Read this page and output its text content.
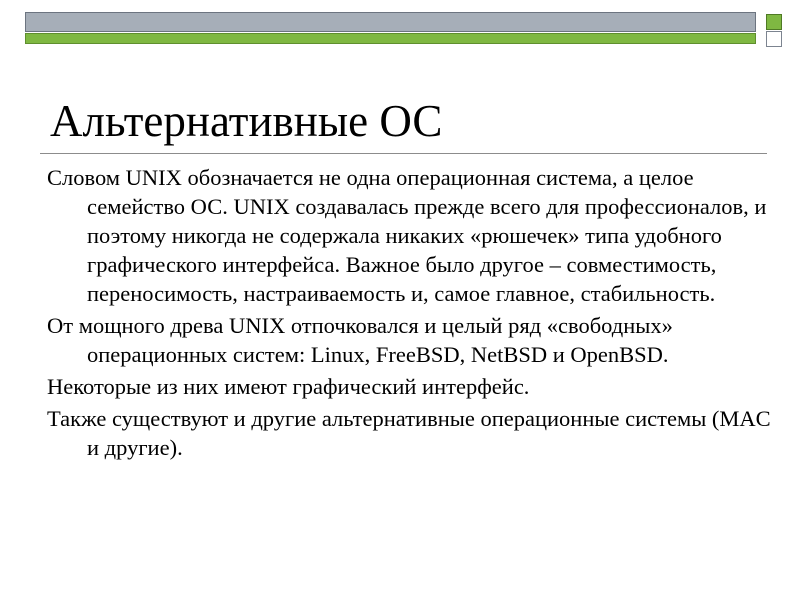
Альтернативные ОС

Словом UNIX обозначается не одна операционная система, а целое семейство ОС. UNIX создавалась прежде всего для профессионалов, и поэтому никогда не содержала никаких «рюшечек» типа удобного графического интерфейса. Важное было другое – совместимость, переносимость, настраиваемость и, самое главное, стабильность.

От мощного древа UNIX отпочковался и целый ряд «свободных» операционных систем: Linux, FreeBSD, NetBSD и OpenBSD.

Некоторые из них имеют графический интерфейс.

Также существуют и другие альтернативные операционные системы (MAC и другие).
